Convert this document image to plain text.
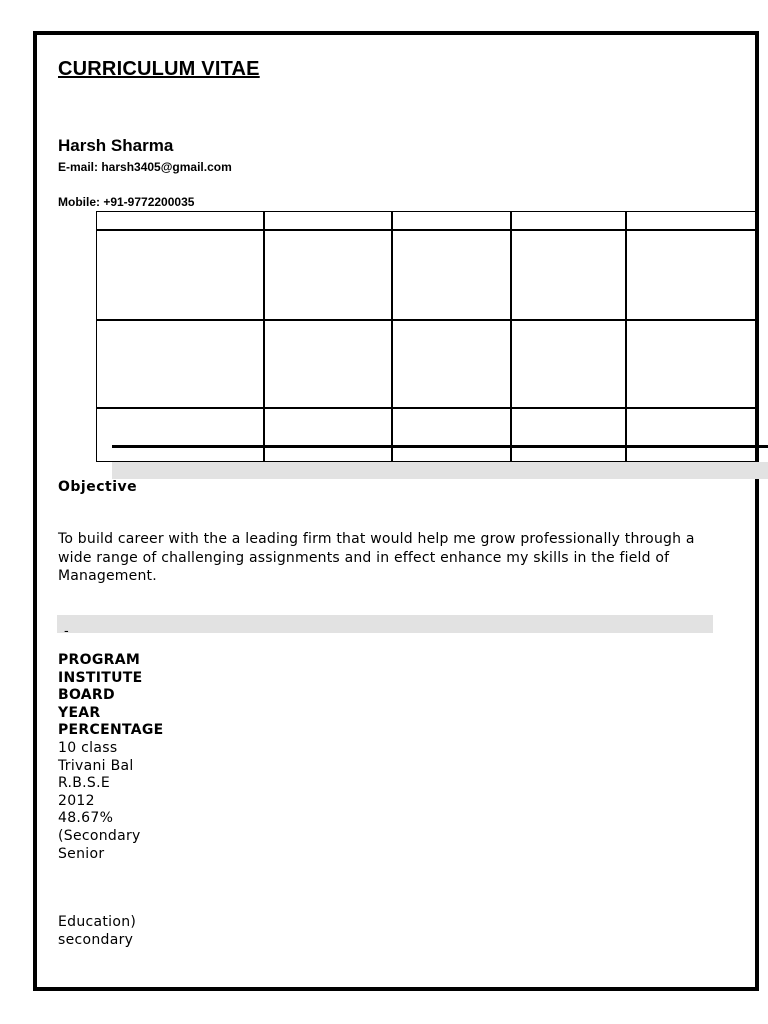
CURRICULUM VITAE
Harsh Sharma
E-mail: harsh3405@gmail.com
Mobile: +91-9772200035
Objective

To build career with the a leading firm that would help me grow professionally through a wide range of challenging assignments and in effect enhance my skills in the field of Management.

-
PROGRAM
INSTITUTE
BOARD
YEAR
PERCENTAGE
10 class
Trivani Bal
R.B.S.E
2012
48.67%
(Secondary
Senior
Education)
secondary
